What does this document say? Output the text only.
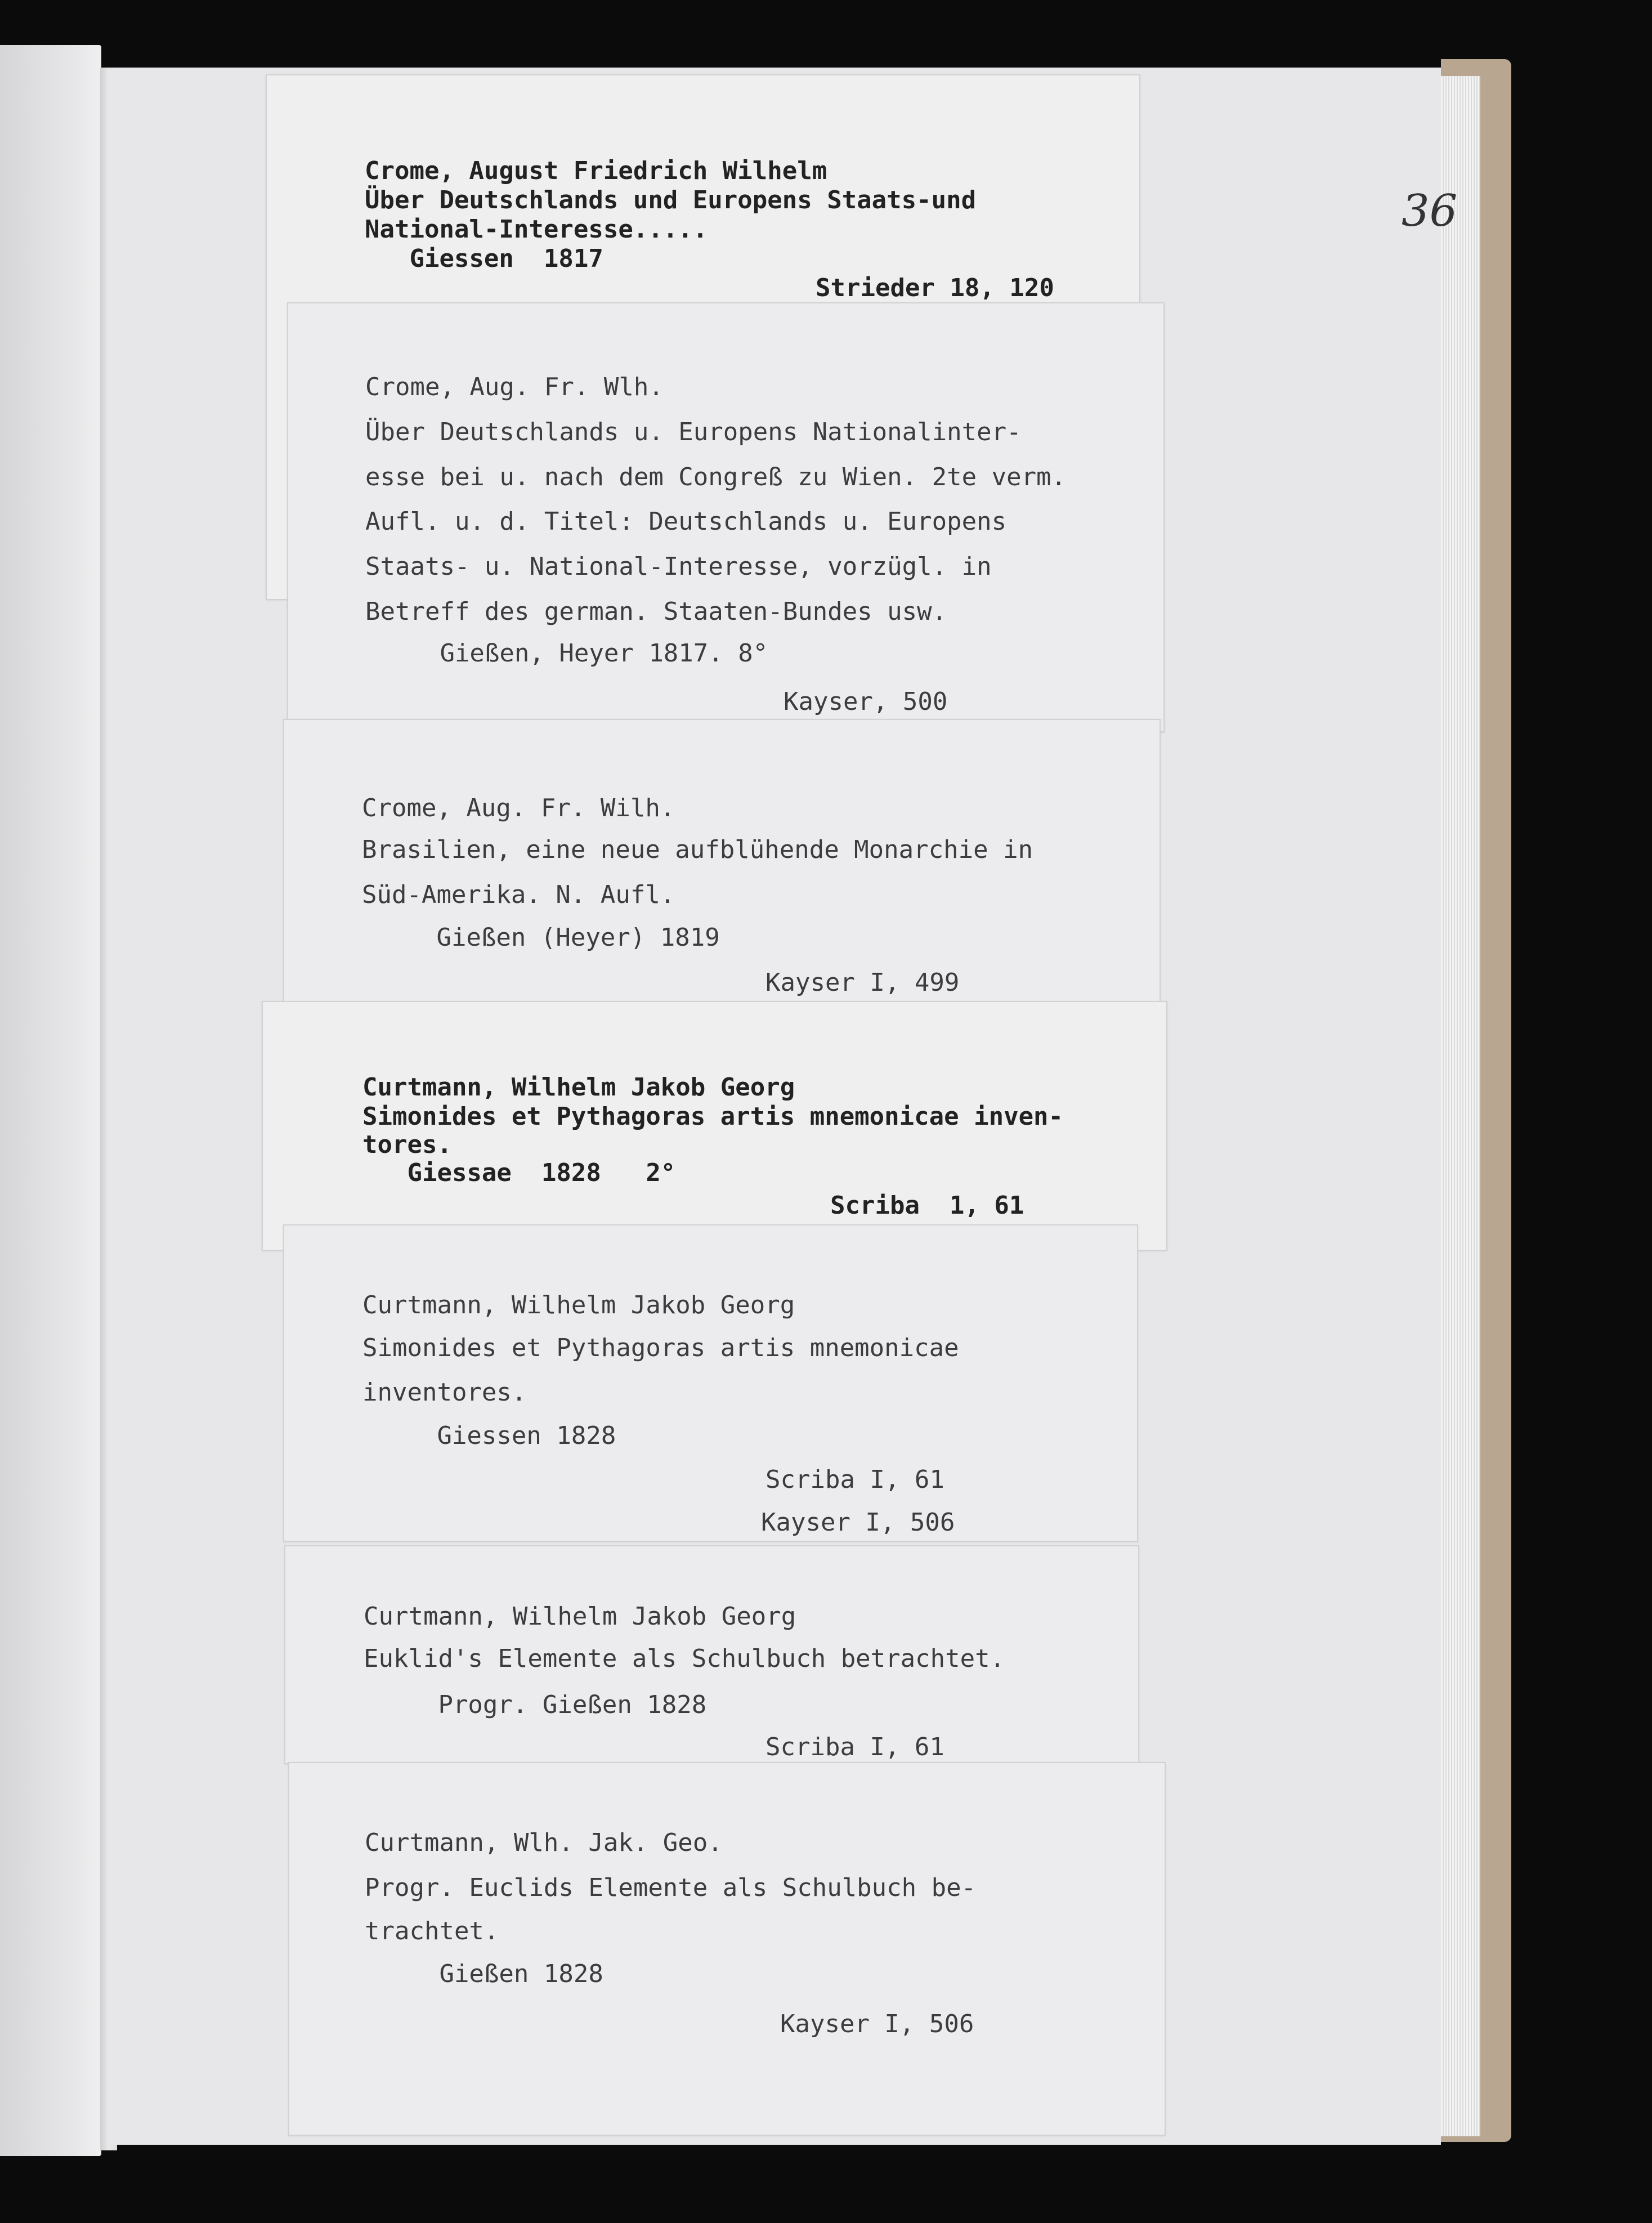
36
Crome, August Friedrich Wilhelm
Über Deutschlands und Europens Staats-und
National-Interesse.....
Giessen  1817
Strieder 18, 120
Crome, Aug. Fr. Wlh.
Über Deutschlands u. Europens Nationalinter-
esse bei u. nach dem Congreß zu Wien. 2te verm.
Aufl. u. d. Titel: Deutschlands u. Europens
Staats- u. National-Interesse, vorzügl. in
Betreff des german. Staaten-Bundes usw.
Gießen, Heyer 1817. 8°
Kayser, 500
Crome, Aug. Fr. Wilh.
Brasilien, eine neue aufblühende Monarchie in
Süd-Amerika. N. Aufl.
Gießen (Heyer) 1819
Kayser I, 499
Curtmann, Wilhelm Jakob Georg
Simonides et Pythagoras artis mnemonicae inven-
tores.
Giessae  1828   2°
Scriba  1, 61
Curtmann, Wilhelm Jakob Georg
Simonides et Pythagoras artis mnemonicae
inventores.
Giessen 1828
Scriba I, 61
Kayser I, 506
Curtmann, Wilhelm Jakob Georg
Euklid's Elemente als Schulbuch betrachtet.
Progr. Gießen 1828
Scriba I, 61
Curtmann, Wlh. Jak. Geo.
Progr. Euclids Elemente als Schulbuch be-
trachtet.
Gießen 1828
Kayser I, 506
